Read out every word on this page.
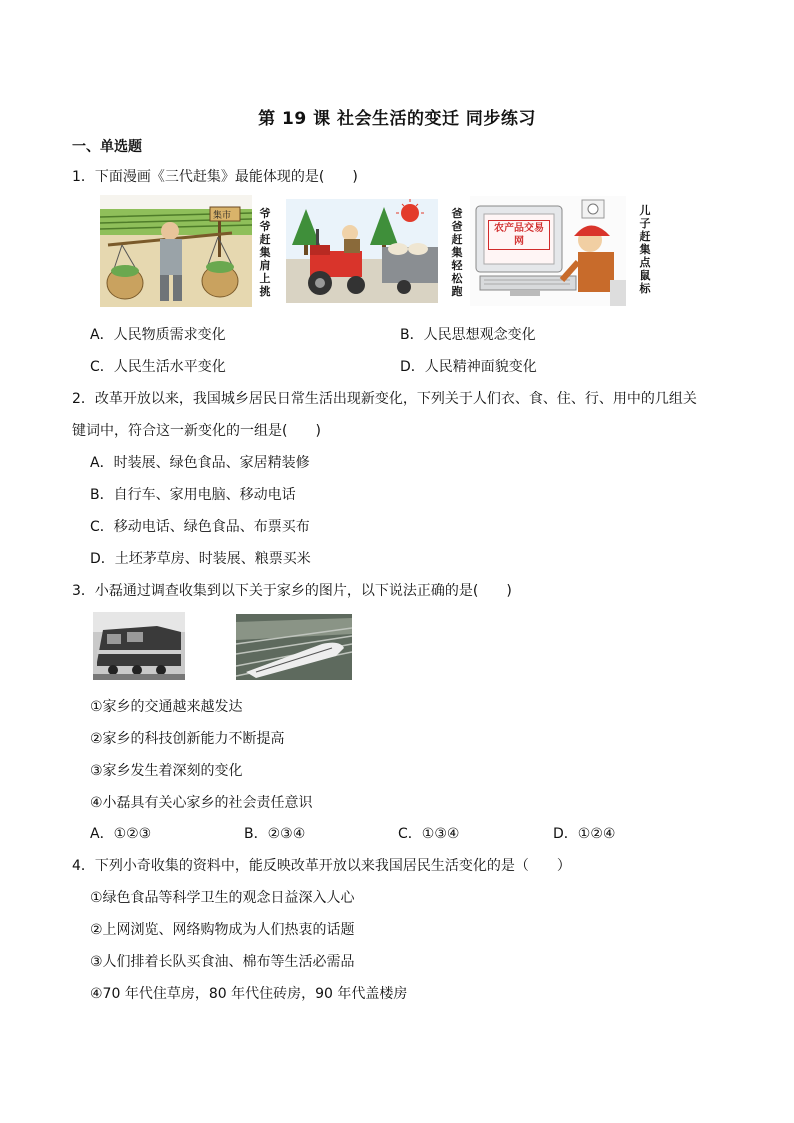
第 19 课 社会生活的变迁 同步练习
一、单选题
1．下面漫画《三代赶集》最能体现的是(　　)
集市	爷爷赶集肩上挑
爸爸赶集轻松跑
农产品交易网
儿子赶集点鼠标
A．人民物质需求变化	B．人民思想观念变化
C．人民生活水平变化	D．人民精神面貌变化
2．改革开放以来，我国城乡居民日常生活出现新变化，下列关于人们衣、食、住、行、用中的几组关
键词中，符合这一新变化的一组是(　　)
A．时装展、绿色食品、家居精装修
B．自行车、家用电脑、移动电话
C．移动电话、绿色食品、布票买布
D．土坯茅草房、时装展、粮票买米
3．小磊通过调查收集到以下关于家乡的图片，以下说法正确的是(　　)
①家乡的交通越来越发达
②家乡的科技创新能力不断提高
③家乡发生着深刻的变化
④小磊具有关心家乡的社会责任意识
A．①②③	B．②③④	C．①③④	D．①②④
4．下列小奇收集的资料中，能反映改革开放以来我国居民生活变化的是（　　）
①绿色食品等科学卫生的观念日益深入人心
②上网浏览、网络购物成为人们热衷的话题
③人们排着长队买食油、棉布等生活必需品
④70 年代住草房，80 年代住砖房，90 年代盖楼房
